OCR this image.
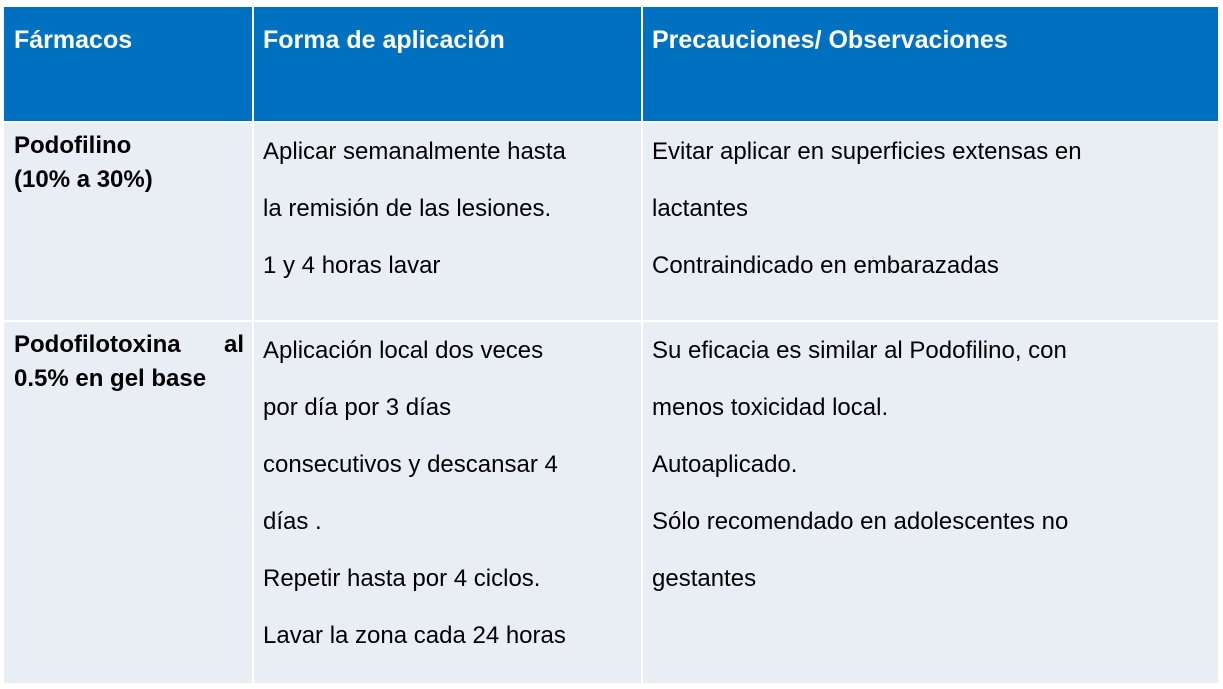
Fármacos	Forma de aplicación	Precauciones/ Observaciones
Podofilino
(10% a 30%)

Aplicar semanalmente hasta

la remisión de las lesiones.

1 y 4 horas lavar

Evitar aplicar en superficies extensas en

lactantes

Contraindicado en embarazadas

Podofilotoxina al
0.5% en gel base

Aplicación local dos veces

por día por 3 días

consecutivos y descansar 4

días .

Repetir hasta por 4 ciclos.

Lavar la zona cada 24 horas

Su eficacia es similar al Podofilino, con

menos toxicidad local.

Autoaplicado.

Sólo recomendado en adolescentes no

gestantes
